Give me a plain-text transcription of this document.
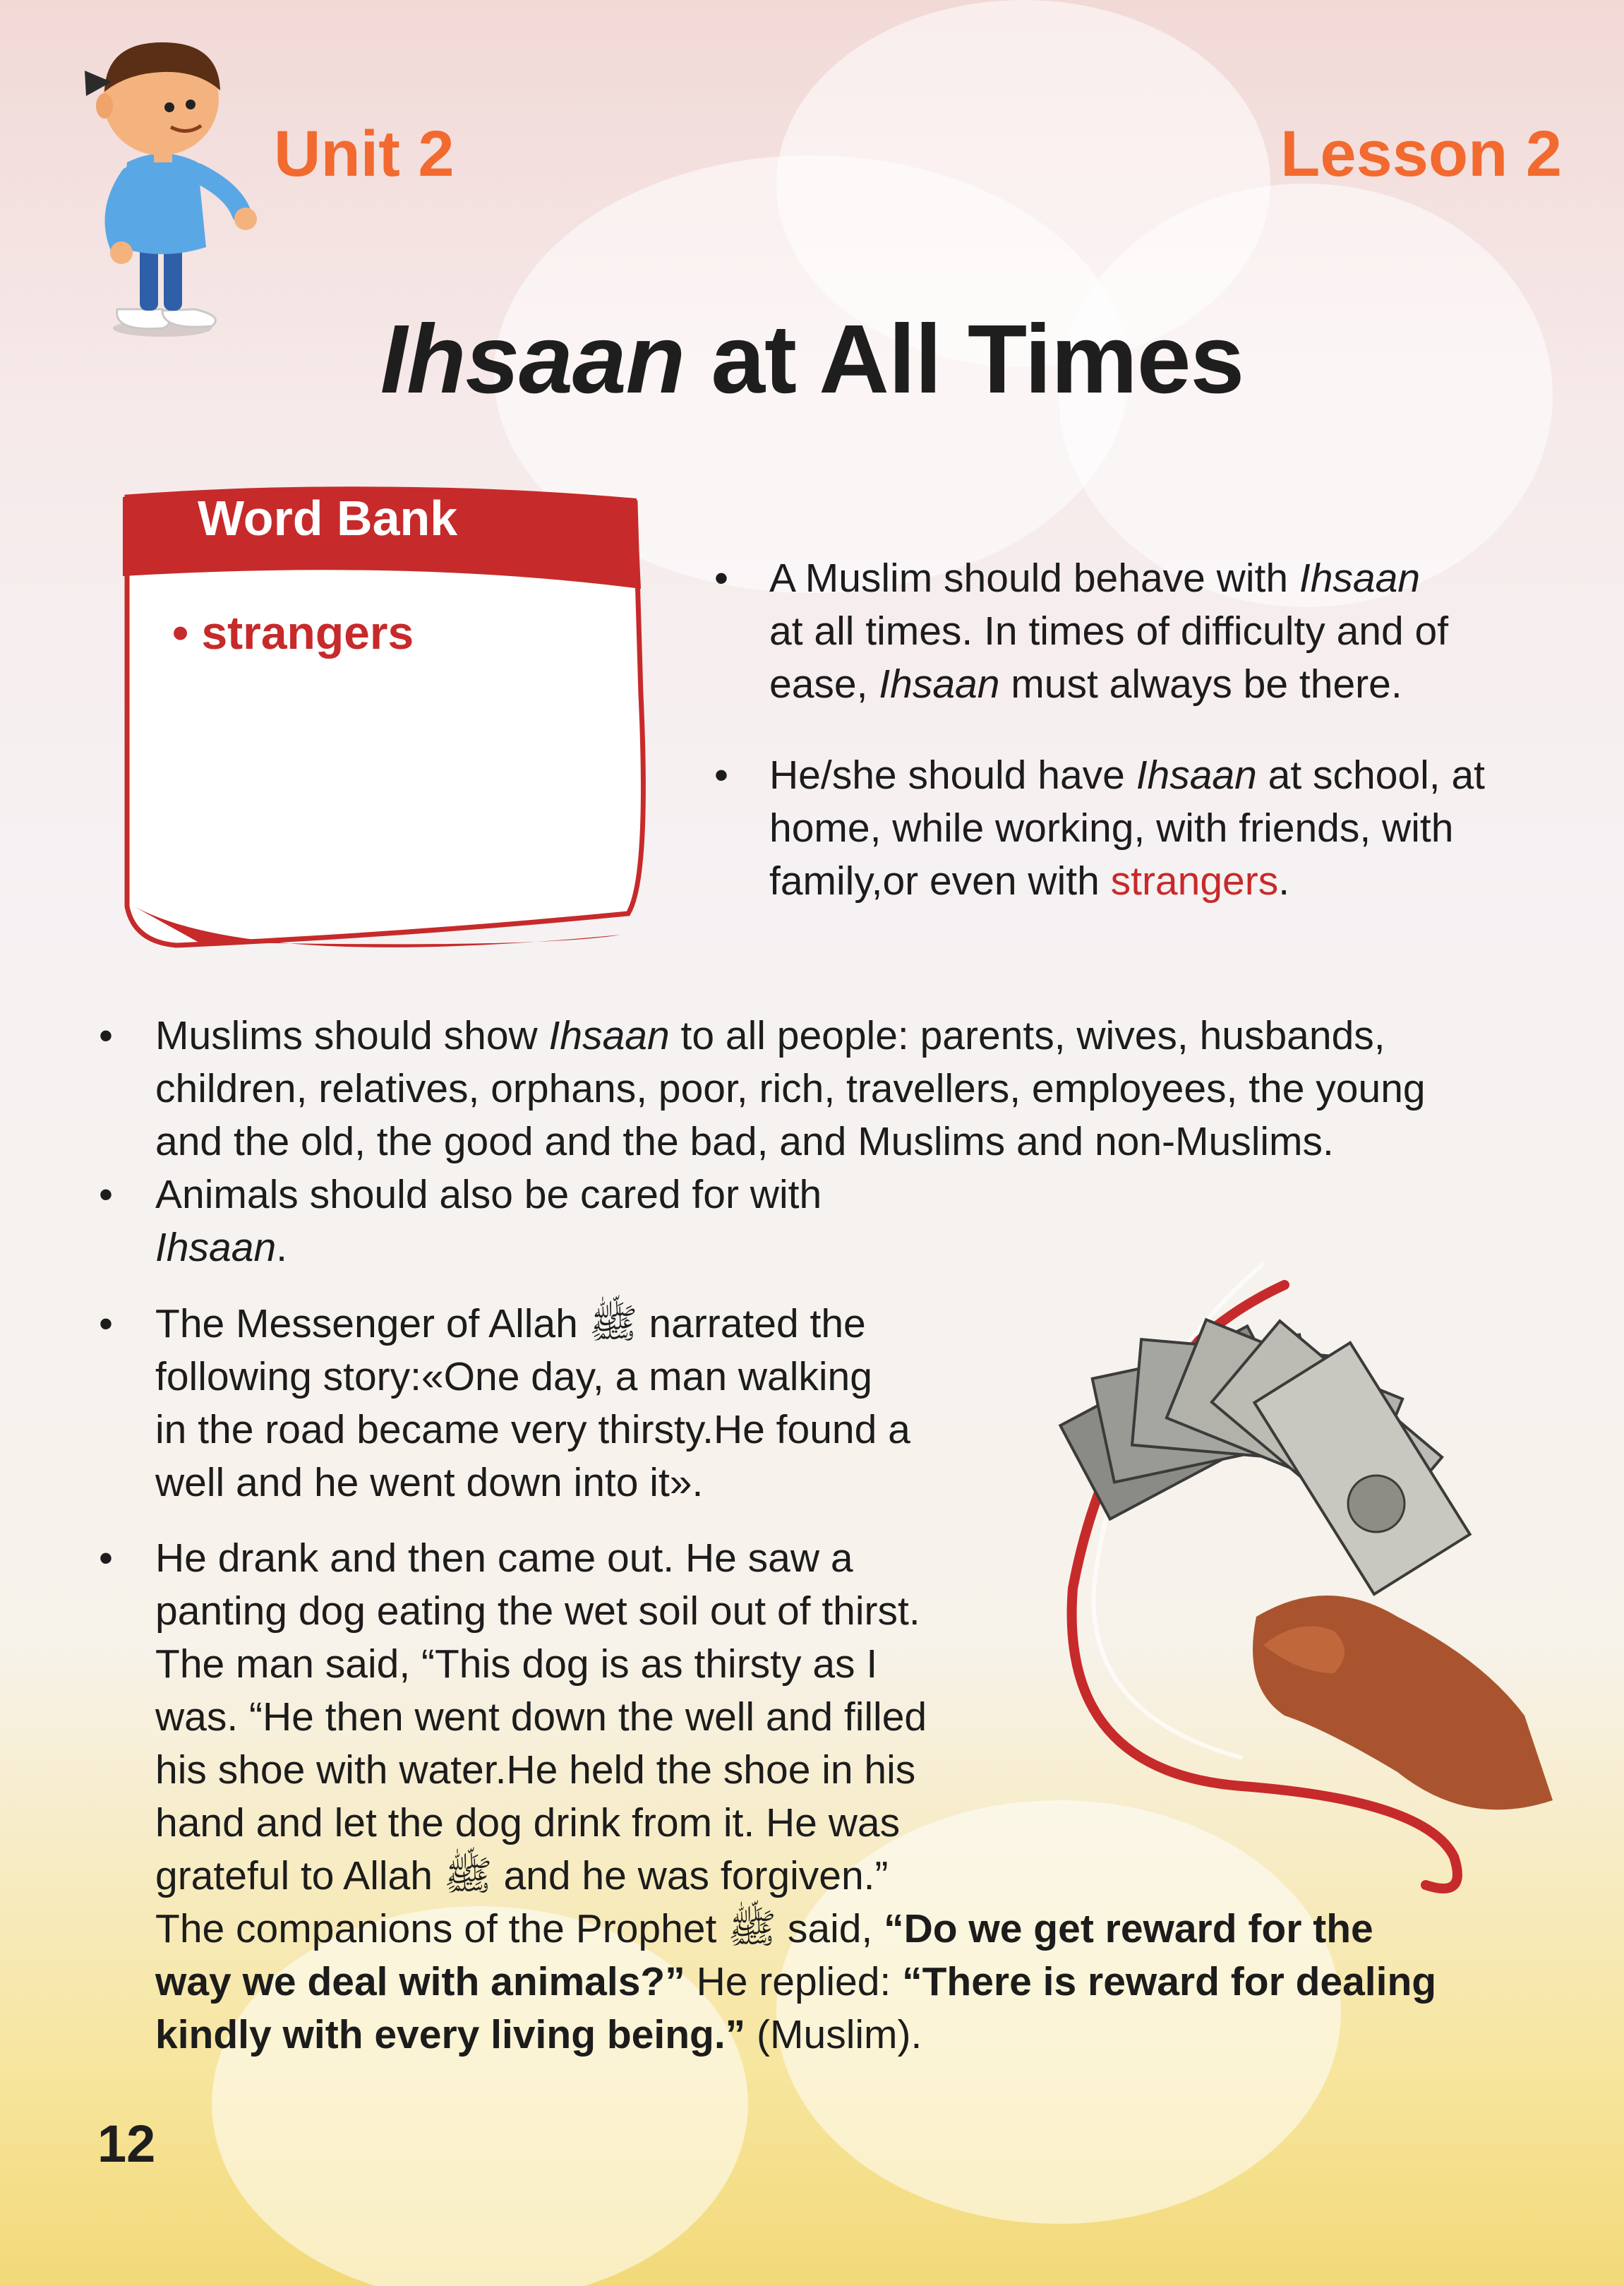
Unit 2	Lesson 2
Ihsaan at All Times
Word Bank
• strangers
• A Muslim should behave with Ihsaan
at all times. In times of difficulty and of
ease, Ihsaan must always be there.
• He/she should have Ihsaan at school, at
home, while working, with friends, with
family,or even with strangers.
• Muslims should show Ihsaan to all people: parents, wives, husbands,
children, relatives, orphans, poor, rich, travellers, employees, the young
and the old, the good and the bad, and Muslims and non-Muslims.
• Animals should also be cared for with
Ihsaan.
• The Messenger of Allah ﷺ narrated the
following story:«One day, a man walking
in the road became very thirsty.He found a
well and he went down into it».
• He drank and then came out. He saw a
panting dog eating the wet soil out of thirst.
The man said, “This dog is as thirsty as I
was. “He then went down the well and filled
his shoe with water.He held the shoe in his
hand and let the dog drink from it. He was
grateful to Allah ﷺ and he was forgiven.”
The companions of the Prophet ﷺ said, “Do we get reward for the
way we deal with animals?” He replied: “There is reward for dealing
kindly with every living being.” (Muslim).
12
